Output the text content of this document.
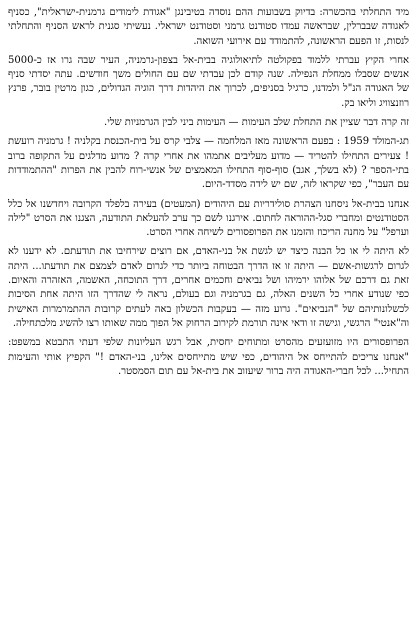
מיד התחלתי בהכשרה: בדיוק בשבועות ההם נוסדה בטיבינגן "אגודת לימודים גרמנית-ישראלית", כסניף לאגודה שבברלין, שבראשה עמדו סטודנט גרמני וסטודנט ישראלי. נעשיתי סגנית לראש הסניף והתחלתי לנסות, זו הפעם הראשונה, להתמודד עם אירועי השואה.

אחרי הקיץ עברתי ללמוד בפקולטה לתיאולוגיה בבית-אל בצפון-גרמניה, העיר שבה גרו אז כ-5000 אנשים שסבלו ממחלת הנפילה. שנה קודם לכן עבדתי שם עם החולים משך חודשים. עתה יסדתי סניף של האגודה הנ"ל ולמדנו, כרגיל בסניפים, לכרוך את היהדות דרך הוגיה הגדולים, כגון מרטין בובר, פרנץ רוזנצוויג וליאו בק.

זה קרה דבר שציין את התחלת שלב העימות — העימות ביני לבין הגרמניות שלי.

תג-המולד 1959 : בפעם הראשונה מאז המלחמה — צלבי קרס על בית-הכנסת בקלניה ! גרמניה רועשת ! צעירים התחילו להטריד — מדוע מעליבים אתמהו את אחרי קרה ? מדוע מדלגים על התקופה ברוב בתי-הספר ? (לא בשלך, אגב) סוף-סוף התחילו המאמצים של אנשי-רוח להבין את הפרות "ההתמודדות עם העבר", כפי שקראו לזה, שם יש לידה מסדד-היום.

אנחנו בבית-אל ניסחנו הצהרת סולידריות עם היהודים (המעטים) בעירה בלפלד הקרובה ויחדשנו אל כלל הסטודנטים ומחברי סגל-ההוראה לחתום. אירגנו לשם כך ערב להעלאת התודעה, הצגנו את הסרט "לילה וערפל" על מחנה הריכוז והזמנו את הפרופסורים לשיחה אחרי הסרט.

לא היתה לי או כל הבנה כיצד יש לגשת אל בני-האדם, אם רוצים שירחיבו את תודעתם. לא ידענו לא לגרום לרגשות-אשם — היתה זו אז הדרך הבטוחה ביותר כדי לגרום לאדם לצמצם את תודעתו... היתה זאת גם דרכם של אלוהו ירמיהו ושל נביאים וחכמים אחרים, דרך התוכחה, האשמה, האזהרה והאיום. כפי שנודע אחרי כל השנים האלה, גם בגרמניה וגם בעולם, נראה לי שהדרך הזו היתה אחת הסיבות לכשלונותיהם של "הנביאים". גרוע מזה — בעקבות הכשלון באה לעתים קרובות ההתמרמרות האישית וה"אנטי" הרגשי, וגישה זו ודאי אינה תורמת לקירוב הרחוק אל הפוך ממה שאותו רצו להשיג מלכתחילה.

הפרופסורים היו מזועזעים מהסרט ומתוחים יחסית, אבל רגש העליונות שלפי דעתי התבטא במשפט: "אנחנו צריכים להתייחס אל היהודים, כפי שיש מתייחסים אלינו, בני-האדם !" הקפיץ אותי והעימות התחיל... לכל חברי-האגודה היה ברור שיעזוב את בית-אל עם תום הסמסטר.
